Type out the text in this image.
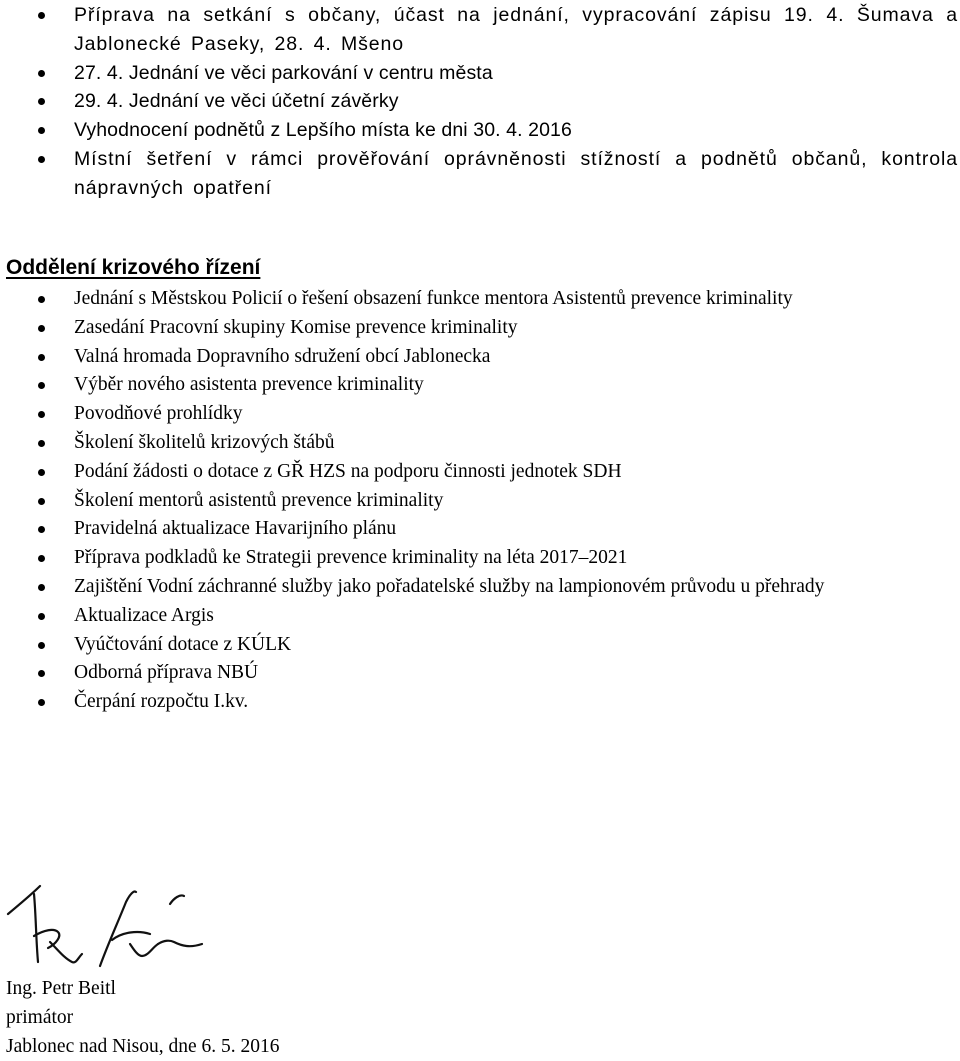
Příprava na setkání s občany, účast na jednání, vypracování zápisu 19. 4. Šumava a Jablonecké Paseky, 28. 4. Mšeno
27. 4. Jednání ve věci parkování v centru města
29. 4. Jednání ve věci účetní závěrky
Vyhodnocení podnětů z Lepšího místa ke dni 30. 4. 2016
Místní šetření v rámci prověřování oprávněnosti stížností a podnětů občanů, kontrola nápravných opatření
Oddělení krizového řízení
Jednání s Městskou Policií o řešení obsazení funkce mentora Asistentů prevence kriminality
Zasedání Pracovní skupiny Komise prevence kriminality
Valná hromada Dopravního sdružení obcí Jablonecka
Výběr nového asistenta prevence kriminality
Povodňové prohlídky
Školení školitelů krizových štábů
Podání žádosti o dotace z GŘ HZS na podporu činnosti jednotek SDH
Školení mentorů asistentů prevence kriminality
Pravidelná aktualizace Havarijního plánu
Příprava podkladů ke Strategii prevence kriminality na léta 2017–2021
Zajištění Vodní záchranné služby jako pořadatelské služby na lampionovém průvodu u přehrady
Aktualizace Argis
Vyúčtování dotace z KÚLK
Odborná příprava NBÚ
Čerpání rozpočtu I.kv.
Ing. Petr Beitl
primátor
Jablonec nad Nisou, dne 6. 5. 2016
